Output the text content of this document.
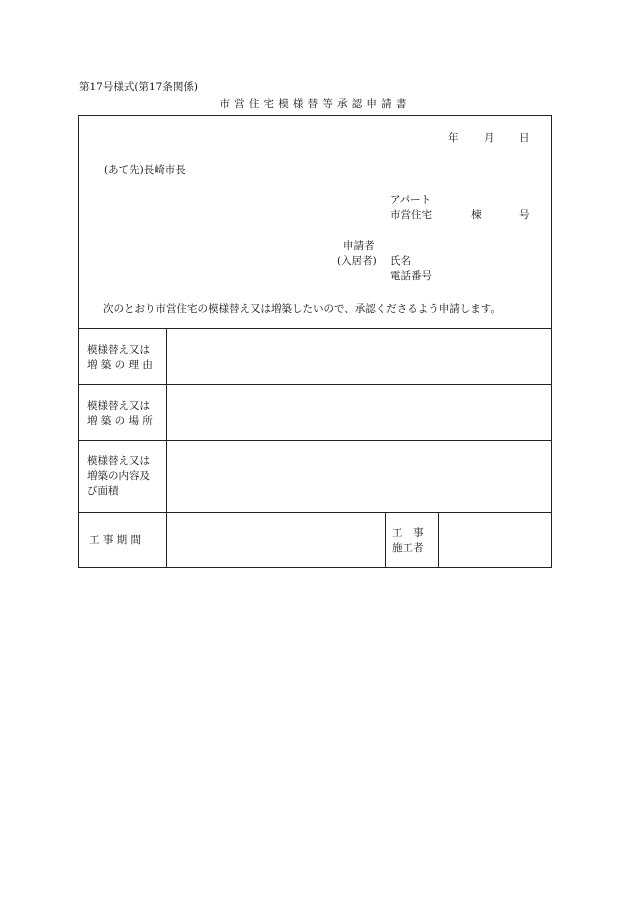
第17号様式(第17条関係)
市営住宅模様替等承認申請書
年 月 日
(あて先)長崎市長
アパート
市営住宅	棟	号
申請者
(入居者) 氏名
電話番号
次のとおり市営住宅の模様替え又は増築したいので、承認くださるよう申請します。
模様替え又は
増 築 の 理 由
模様替え又は
増 築 の 場 所
模様替え又は
増築の内容及
び面積
工 事 期 間
工　事
施工者
